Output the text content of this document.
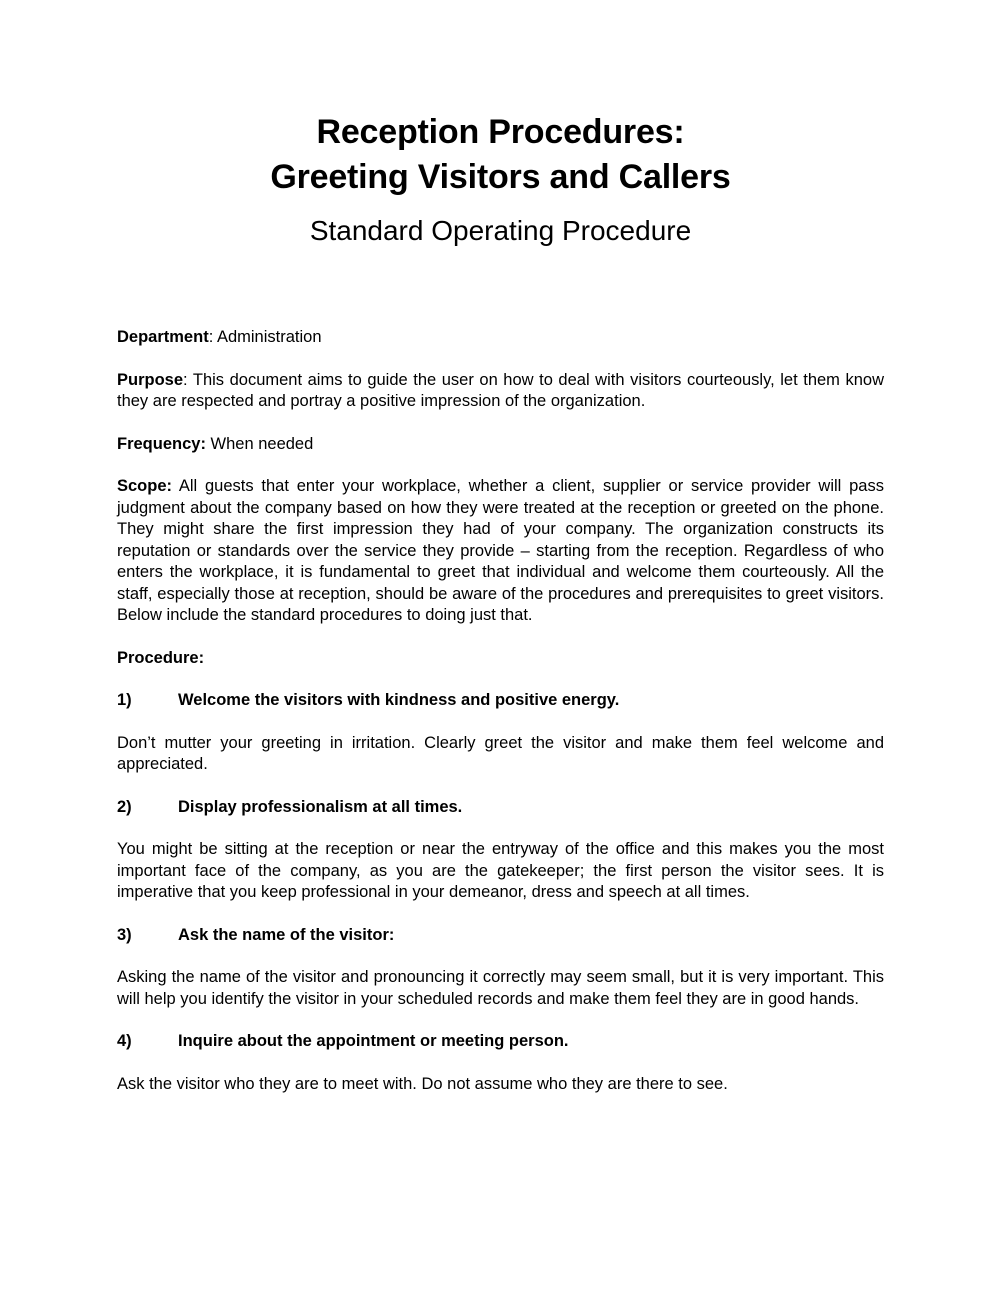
Reception Procedures:
Greeting Visitors and Callers
Standard Operating Procedure

Department: Administration

Purpose: This document aims to guide the user on how to deal with visitors courteously, let them know they are respected and portray a positive impression of the organization.

Frequency: When needed

Scope: All guests that enter your workplace, whether a client, supplier or service provider will pass judgment about the company based on how they were treated at the reception or greeted on the phone. They might share the first impression they had of your company. The organization constructs its reputation or standards over the service they provide – starting from the reception. Regardless of who enters the workplace, it is fundamental to greet that individual and welcome them courteously. All the staff, especially those at reception, should be aware of the procedures and prerequisites to greet visitors. Below include the standard procedures to doing just that.

Procedure:

1)	Welcome the visitors with kindness and positive energy.

Don’t mutter your greeting in irritation. Clearly greet the visitor and make them feel welcome and appreciated.

2)	Display professionalism at all times.

You might be sitting at the reception or near the entryway of the office and this makes you the most important face of the company, as you are the gatekeeper; the first person the visitor sees. It is imperative that you keep professional in your demeanor, dress and speech at all times.

3)	Ask the name of the visitor:

Asking the name of the visitor and pronouncing it correctly may seem small, but it is very important. This will help you identify the visitor in your scheduled records and make them feel they are in good hands.

4)	Inquire about the appointment or meeting person.

Ask the visitor who they are to meet with. Do not assume who they are there to see.
